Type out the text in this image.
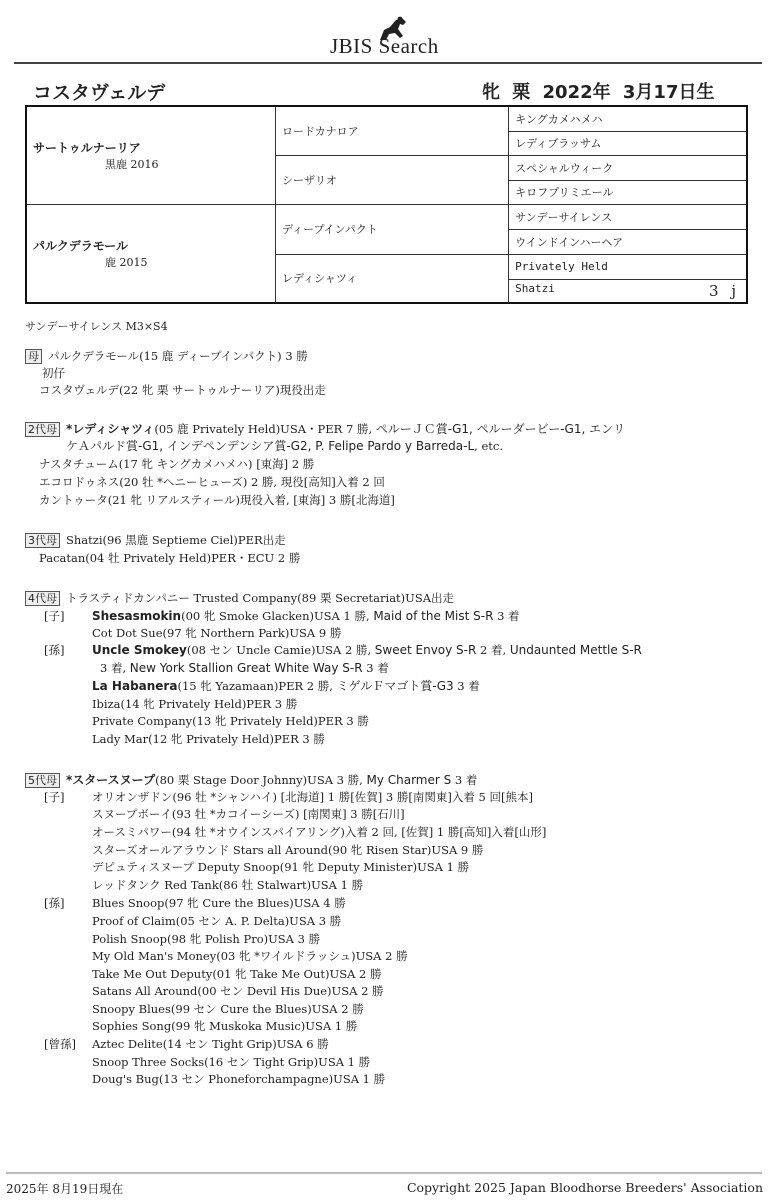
JBIS Search
コスタヴェルデ	牝 栗 2022年 3月17日生
サートゥルナーリア
黒鹿 2016	ロードカナロア	キングカメハメハ
		レディブラッサム
	シーザリオ	スペシャルウィーク
		キロフプリミエール
パルクデラモール
鹿 2015	ディープインパクト	サンデーサイレンス
		ウインドインハーヘア
	レディシャツィ	Privately Held
		Shatzi 3 j
サンデーサイレンス M3×S4
母 パルクデラモール(15 鹿 ディープインパクト) 3 勝
初仔
コスタヴェルデ(22 牝 栗 サートゥルナーリア)現役出走
2代母 *レディシャツィ(05 鹿 Privately Held)USA・PER 7 勝, ペルーＪＣ賞-G1, ペルーダービー-G1, エンリ
ケＡパルド賞-G1, インデペンデンシア賞-G2, P. Felipe Pardo y Barreda-L, etc.
ナスタチューム(17 牝 キングカメハメハ) [東海] 2 勝
エコロドゥネス(20 牡 *ヘニーヒューズ) 2 勝, 現役[高知]入着 2 回
カントゥータ(21 牝 リアルスティール)現役入着, [東海] 3 勝[北海道]
3代母 Shatzi(96 黒鹿 Septieme Ciel)PER出走
Pacatan(04 牡 Privately Held)PER・ECU 2 勝
4代母 トラスティドカンパニー Trusted Company(89 栗 Secretariat)USA出走
[子] Shesasmokin(00 牝 Smoke Glacken)USA 1 勝, Maid of the Mist S-R 3 着
Cot Dot Sue(97 牝 Northern Park)USA 9 勝
[孫] Uncle Smokey(08 セン Uncle Camie)USA 2 勝, Sweet Envoy S-R 2 着, Undaunted Mettle S-R
3 着, New York Stallion Great White Way S-R 3 着
La Habanera(15 牝 Yazamaan)PER 2 勝, ミゲルＦマゴト賞-G3 3 着
Ibiza(14 牝 Privately Held)PER 3 勝
Private Company(13 牝 Privately Held)PER 3 勝
Lady Mar(12 牝 Privately Held)PER 3 勝
5代母 *スタースヌープ(80 栗 Stage Door Johnny)USA 3 勝, My Charmer S 3 着
[子] オリオンザドン(96 牡 *シャンハイ) [北海道] 1 勝[佐賀] 3 勝[南関東]入着 5 回[熊本]
スヌープボーイ(93 牡 *カコイーシーズ) [南関東] 3 勝[石川]
オースミパワー(94 牡 *オウインスパイアリング)入着 2 回, [佐賀] 1 勝[高知]入着[山形]
スターズオールアラウンド Stars all Around(90 牝 Risen Star)USA 9 勝
デピュティスヌープ Deputy Snoop(91 牝 Deputy Minister)USA 1 勝
レッドタンク Red Tank(86 牡 Stalwart)USA 1 勝
[孫] Blues Snoop(97 牝 Cure the Blues)USA 4 勝
Proof of Claim(05 セン A. P. Delta)USA 3 勝
Polish Snoop(98 牝 Polish Pro)USA 3 勝
My Old Man's Money(03 牝 *ワイルドラッシュ)USA 2 勝
Take Me Out Deputy(01 牝 Take Me Out)USA 2 勝
Satans All Around(00 セン Devil His Due)USA 2 勝
Snoopy Blues(99 セン Cure the Blues)USA 2 勝
Sophies Song(99 牝 Muskoka Music)USA 1 勝
[曾孫] Aztec Delite(14 セン Tight Grip)USA 6 勝
Snoop Three Socks(16 セン Tight Grip)USA 1 勝
Doug's Bug(13 セン Phoneforchampagne)USA 1 勝
2025年 8月19日現在	Copyright 2025 Japan Bloodhorse Breeders' Association
